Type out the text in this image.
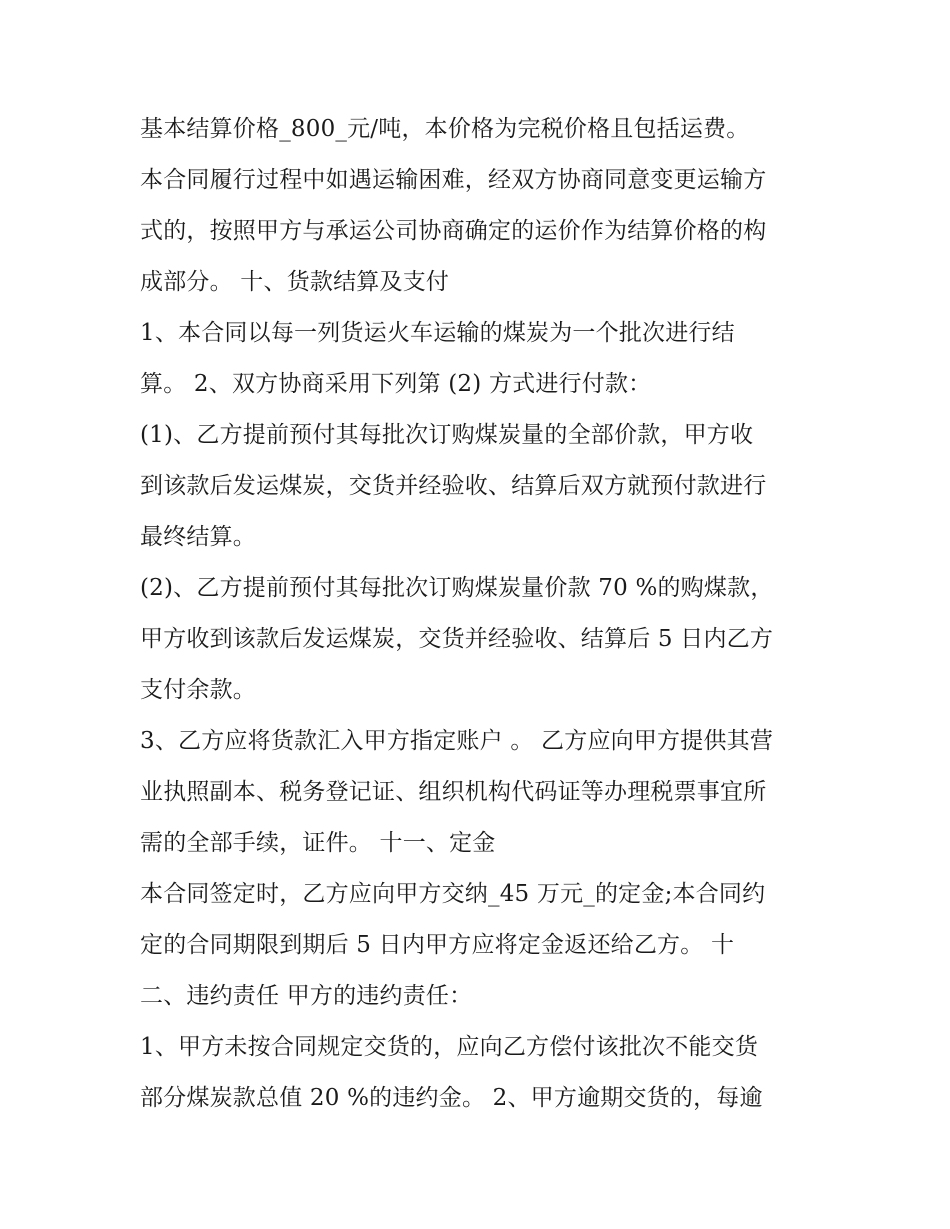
基本结算价格_800_元/吨，本价格为完税价格且包括运费。
本合同履行过程中如遇运输困难，经双方协商同意变更运输方
式的，按照甲方与承运公司协商确定的运价作为结算价格的构
成部分。 十、货款结算及支付
1、本合同以每一列货运火车运输的煤炭为一个批次进行结
算。 2、双方协商采用下列第 (2) 方式进行付款：
(1)、乙方提前预付其每批次订购煤炭量的全部价款，甲方收
到该款后发运煤炭，交货并经验收、结算后双方就预付款进行
最终结算。
(2)、乙方提前预付其每批次订购煤炭量价款 70 %的购煤款，
甲方收到该款后发运煤炭，交货并经验收、结算后 5 日内乙方
支付余款。
3、乙方应将货款汇入甲方指定账户 。 乙方应向甲方提供其营
业执照副本、税务登记证、组织机构代码证等办理税票事宜所
需的全部手续，证件。 十一、定金
本合同签定时，乙方应向甲方交纳_45 万元_的定金;本合同约
定的合同期限到期后 5 日内甲方应将定金返还给乙方。 十
二、违约责任 甲方的违约责任：
1、甲方未按合同规定交货的，应向乙方偿付该批次不能交货
部分煤炭款总值 20 %的违约金。 2、甲方逾期交货的，每逾
